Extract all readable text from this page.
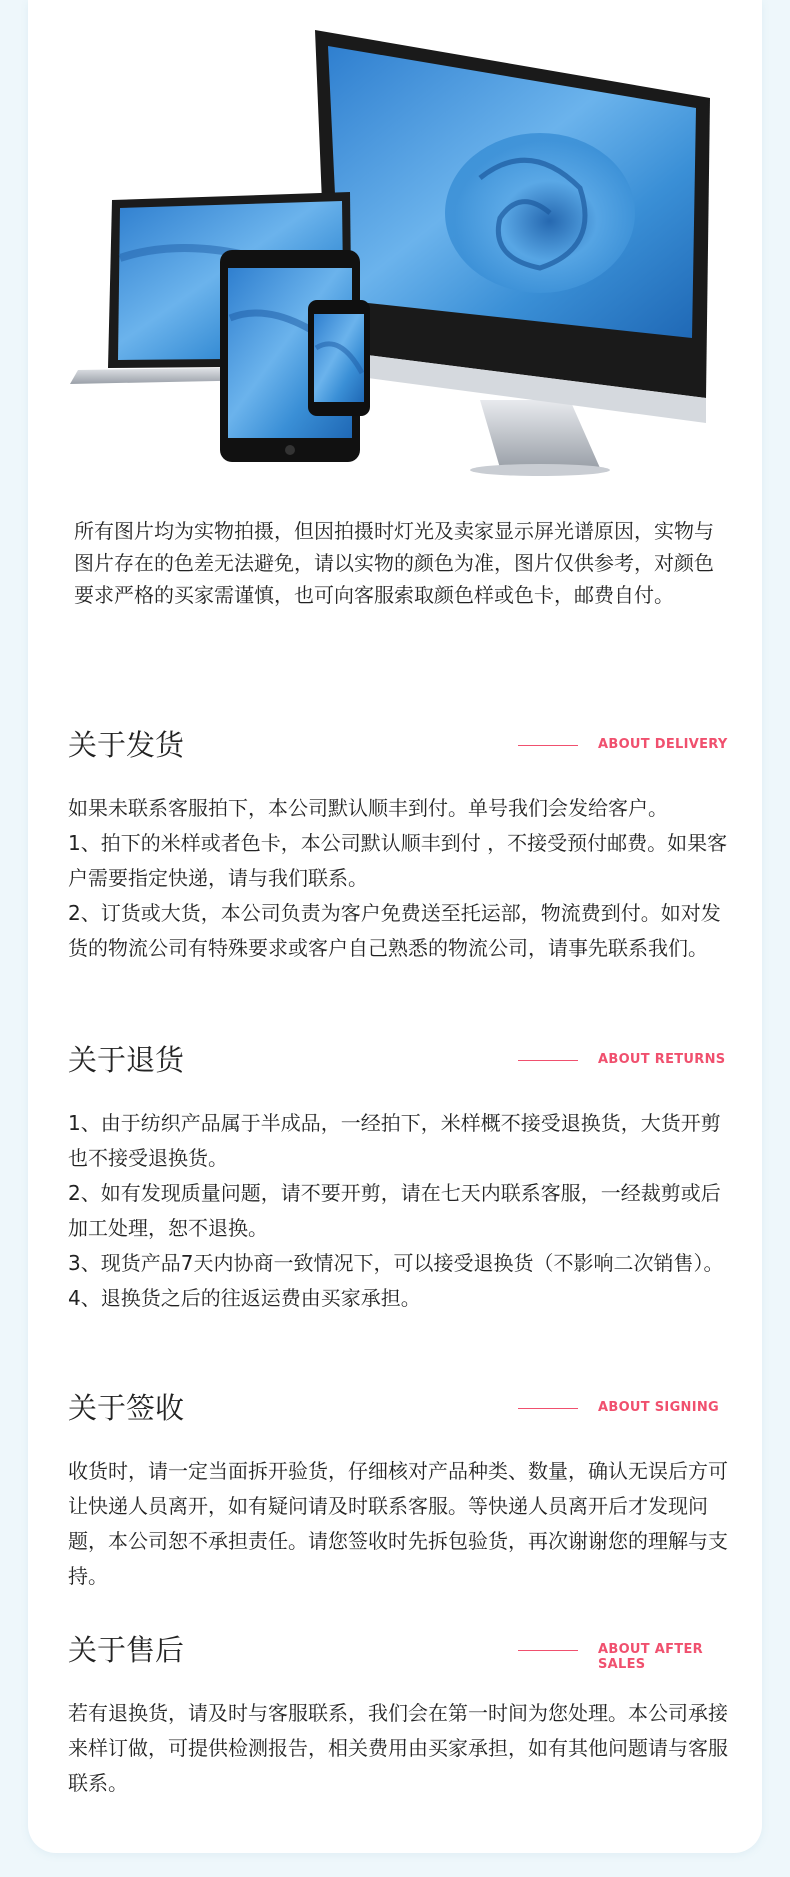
所有图片均为实物拍摄，但因拍摄时灯光及卖家显示屏光谱原因，实物与图片存在的色差无法避免，请以实物的颜色为准，图片仅供参考，对颜色要求严格的买家需谨慎，也可向客服索取颜色样或色卡，邮费自付。
关于发货	ABOUT DELIVERY

如果未联系客服拍下，本公司默认顺丰到付。单号我们会发给客户。

1、拍下的米样或者色卡，本公司默认顺丰到付 ，不接受预付邮费。如果客户需要指定快递，请与我们联系。

2、订货或大货，本公司负责为客户免费送至托运部，物流费到付。如对发货的物流公司有特殊要求或客户自己熟悉的物流公司，请事先联系我们。

关于退货	ABOUT RETURNS

1、由于纺织产品属于半成品，一经拍下，米样概不接受退换货，大货开剪也不接受退换货。

2、如有发现质量问题，请不要开剪，请在七天内联系客服，一经裁剪或后加工处理，恕不退换。

3、现货产品7天内协商一致情况下，可以接受退换货（不影响二次销售）。

4、退换货之后的往返运费由买家承担。

关于签收	ABOUT SIGNING

收货时，请一定当面拆开验货，仔细核对产品种类、数量，确认无误后方可让快递人员离开，如有疑问请及时联系客服。等快递人员离开后才发现问题，本公司恕不承担责任。请您签收时先拆包验货，再次谢谢您的理解与支持。

关于售后	ABOUT AFTER SALES

若有退换货，请及时与客服联系，我们会在第一时间为您处理。本公司承接来样订做，可提供检测报告，相关费用由买家承担，如有其他问题请与客服联系。
